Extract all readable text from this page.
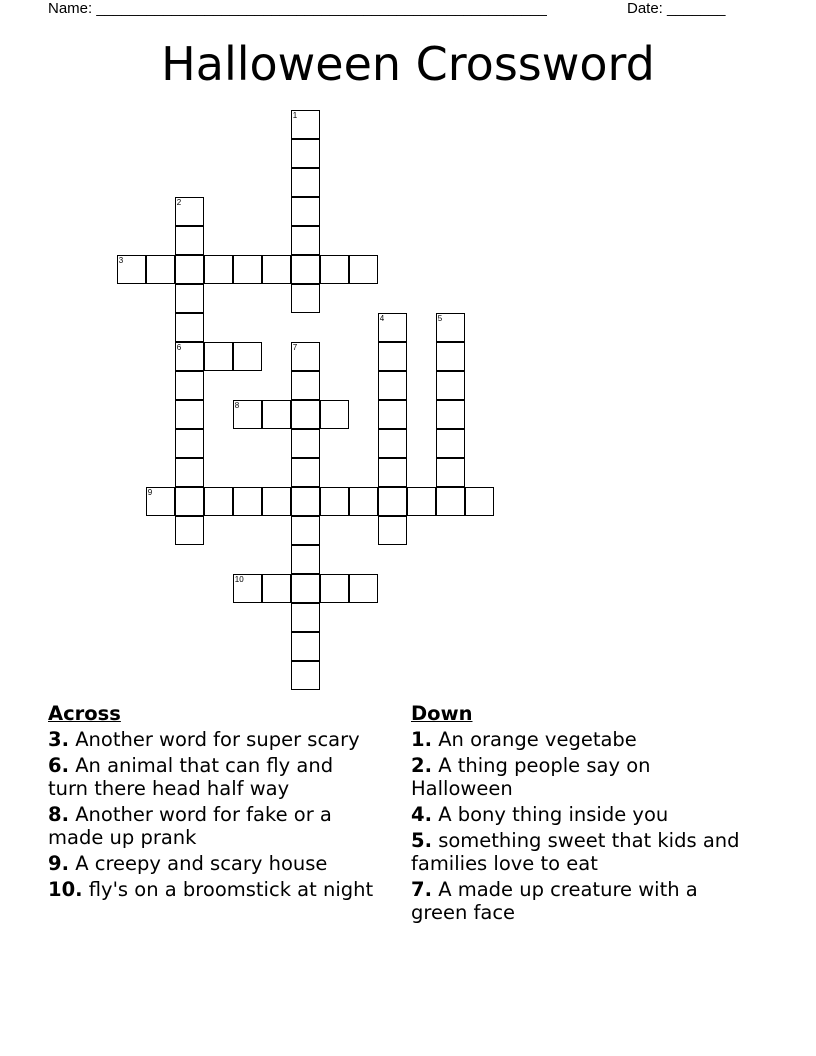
Name: ______________________________________________________	Date: _______
Halloween Crossword
1
2
6
3
4	5
7
8
9
10
Across
3. Another word for super scary
6. An animal that can fly and turn there head half way
8. Another word for fake or a made up prank
9. A creepy and scary house
10. fly's on a broomstick at night
Down
1. An orange vegetabe
2. A thing people say on Halloween
4. A bony thing inside you
5. something sweet that kids and families love to eat
7. A made up creature with a green face
